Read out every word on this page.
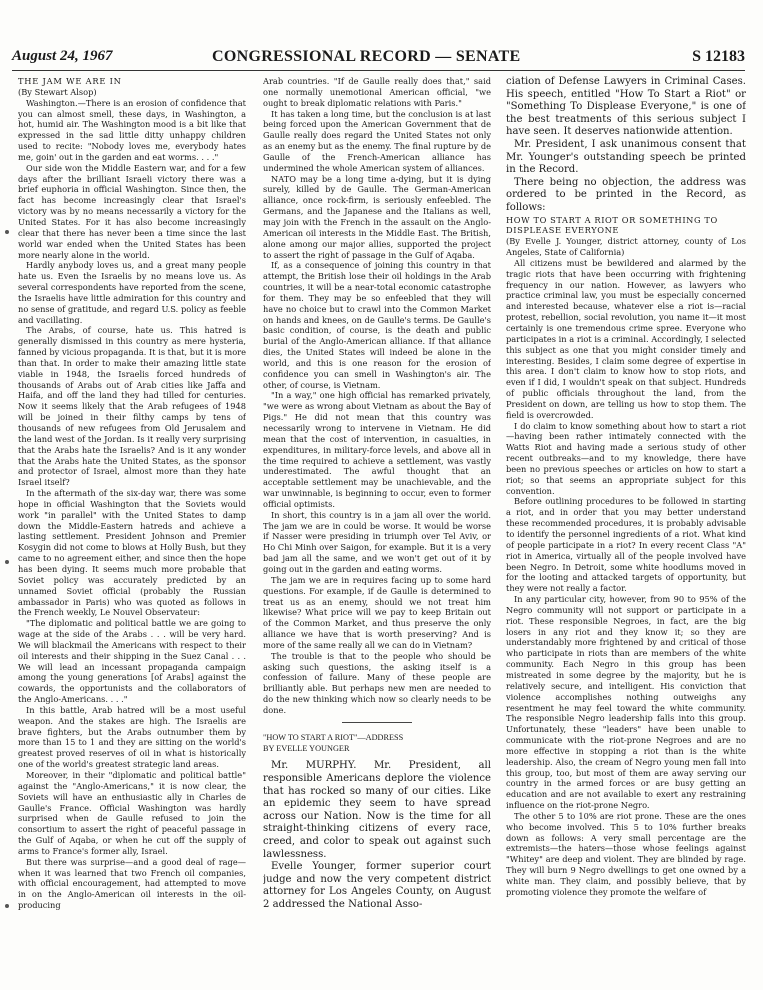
August 24, 1967	CONGRESSIONAL RECORD — SENATE	S 12183

THE JAM WE ARE IN

(By Stewart Alsop)

Washington.—There is an erosion of confidence that you can almost smell, these days, in Washington, a hot, humid air. The Washington mood is a bit like that expressed in the sad little ditty unhappy children used to recite: "Nobody loves me, everybody hates me, goin' out in the garden and eat worms. . . ."

Our side won the Middle Eastern war, and for a few days after the brilliant Israeli victory there was a brief euphoria in official Washington. Since then, the fact has become increasingly clear that Israel's victory was by no means necessarily a victory for the United States. For it has also become increasingly clear that there has never been a time since the last world war ended when the United States has been more nearly alone in the world.

Hardly anybody loves us, and a great many people hate us. Even the Israelis by no means love us. As several correspondents have reported from the scene, the Israelis have little admiration for this country and no sense of gratitude, and regard U.S. policy as feeble and vacillating.

The Arabs, of course, hate us. This hatred is generally dismissed in this country as mere hysteria, fanned by vicious propaganda. It is that, but it is more than that. In order to make their amazing little state viable in 1948, the Israelis forced hundreds of thousands of Arabs out of Arab cities like Jaffa and Haifa, and off the land they had tilled for centuries. Now it seems likely that the Arab refugees of 1948 will be joined in their filthy camps by tens of thousands of new refugees from Old Jerusalem and the land west of the Jordan. Is it really very surprising that the Arabs hate the Israelis? And is it any wonder that the Arabs hate the United States, as the sponsor and protector of Israel, almost more than they hate Israel itself?

In the aftermath of the six-day war, there was some hope in official Washington that the Soviets would work "in parallel" with the United States to damp down the Middle-Eastern hatreds and achieve a lasting settlement. President Johnson and Premier Kosygin did not come to blows at Holly Bush, but they came to no agreement either, and since then the hope has been dying. It seems much more probable that Soviet policy was accurately predicted by an unnamed Soviet official (probably the Russian ambassador in Paris) who was quoted as follows in the French weekly, Le Nouvel Observateur:

"The diplomatic and political battle we are going to wage at the side of the Arabs . . . will be very hard. We will blackmail the Americans with respect to their oil interests and their shipping in the Suez Canal . . . We will lead an incessant propaganda campaign among the young generations [of Arabs] against the cowards, the opportunists and the collaborators of the Anglo-Americans. . . ."

In this battle, Arab hatred will be a most useful weapon. And the stakes are high. The Israelis are brave fighters, but the Arabs outnumber them by more than 15 to 1 and they are sitting on the world's greatest proved reserves of oil in what is historically one of the world's greatest strategic land areas.

Moreover, in their "diplomatic and political battle" against the "Anglo-Americans," it is now clear, the Soviets will have an enthusiastic ally in Charles de Gaulle's France. Official Washington was hardly surprised when de Gaulle refused to join the consortium to assert the right of peaceful passage in the Gulf of Aqaba, or when he cut off the supply of arms to France's former ally, Israel.

But there was surprise—and a good deal of rage—when it was learned that two French oil companies, with official encouragement, had attempted to move in on the Anglo-American oil interests in the oil-producing

Arab countries. "If de Gaulle really does that," said one normally unemotional American official, "we ought to break diplomatic relations with Paris."

It has taken a long time, but the conclusion is at last being forced upon the American Government that de Gaulle really does regard the United States not only as an enemy but as the enemy. The final rupture by de Gaulle of the French-American alliance has undermined the whole American system of alliances.

NATO may be a long time a-dying, but it is dying surely, killed by de Gaulle. The German-American alliance, once rock-firm, is seriously enfeebled. The Germans, and the Japanese and the Italians as well, may join with the French in the assault on the Anglo-American oil interests in the Middle East. The British, alone among our major allies, supported the project to assert the right of passage in the Gulf of Aqaba.

If, as a consequence of joining this country in that attempt, the British lose their oil holdings in the Arab countries, it will be a near-total economic catastrophe for them. They may be so enfeebled that they will have no choice but to crawl into the Common Market on hands and knees, on de Gaulle's terms. De Gaulle's basic condition, of course, is the death and public burial of the Anglo-American alliance. If that alliance dies, the United States will indeed be alone in the world, and this is one reason for the erosion of confidence you can smell in Washington's air. The other, of course, is Vietnam.

"In a way," one high official has remarked privately, "we were as wrong about Vietnam as about the Bay of Pigs." He did not mean that this country was necessarily wrong to intervene in Vietnam. He did mean that the cost of intervention, in casualties, in expenditures, in military-force levels, and above all in the time required to achieve a settlement, was vastly underestimated. The awful thought that an acceptable settlement may be unachievable, and the war unwinnable, is beginning to occur, even to former official optimists.

In short, this country is in a jam all over the world. The jam we are in could be worse. It would be worse if Nasser were presiding in triumph over Tel Aviv, or Ho Chi Minh over Saigon, for example. But it is a very bad jam all the same, and we won't get out of it by going out in the garden and eating worms.

The jam we are in requires facing up to some hard questions. For example, if de Gaulle is determined to treat us as an enemy, should we not treat him likewise? What price will we pay to keep Britain out of the Common Market, and thus preserve the only alliance we have that is worth preserving? And is more of the same really all we can do in Vietnam?

The trouble is that to the people who should be asking such questions, the asking itself is a confession of failure. Many of these people are brilliantly able. But perhaps new men are needed to do the new thinking which now so clearly needs to be done.

"HOW TO START A RIOT"—ADDRESS

BY EVELLE YOUNGER

Mr. MURPHY. Mr. President, all responsible Americans deplore the violence that has rocked so many of our cities. Like an epidemic they seem to have spread across our Nation. Now is the time for all straight-thinking citizens of every race, creed, and color to speak out against such lawlessness.

Evelle Younger, former superior court judge and now the very competent district attorney for Los Angeles County, on August 2 addressed the National Asso-

ciation of Defense Lawyers in Criminal Cases. His speech, entitled "How To Start a Riot" or "Something To Displease Everyone," is one of the best treatments of this serious subject I have seen. It deserves nationwide attention.

Mr. President, I ask unanimous consent that Mr. Younger's outstanding speech be printed in the Record.

There being no objection, the address was ordered to be printed in the Record, as follows:

HOW TO START A RIOT OR SOMETHING TO

DISPLEASE EVERYONE

(By Evelle J. Younger, district attorney, county of Los Angeles, State of California)

All citizens must be bewildered and alarmed by the tragic riots that have been occurring with frightening frequency in our nation. However, as lawyers who practice criminal law, you must be especially concerned and interested because, whatever else a riot is—racial protest, rebellion, social revolution, you name it—it most certainly is one tremendous crime spree. Everyone who participates in a riot is a criminal. Accordingly, I selected this subject as one that you might consider timely and interesting. Besides, I claim some degree of expertise in this area. I don't claim to know how to stop riots, and even if I did, I wouldn't speak on that subject. Hundreds of public officials throughout the land, from the President on down, are telling us how to stop them. The field is overcrowded.

I do claim to know something about how to start a riot—having been rather intimately connected with the Watts Riot and having made a serious study of other recent outbreaks—and to my knowledge, there have been no previous speeches or articles on how to start a riot; so that seems an appropriate subject for this convention.

Before outlining procedures to be followed in starting a riot, and in order that you may better understand these recommended procedures, it is probably advisable to identify the personnel ingredients of a riot. What kind of people participate in a riot? In every recent Class "A" riot in America, virtually all of the people involved have been Negro. In Detroit, some white hoodlums moved in for the looting and attacked targets of opportunity, but they were not really a factor.

In any particular city, however, from 90 to 95% of the Negro community will not support or participate in a riot. These responsible Negroes, in fact, are the big losers in any riot and they know it; so they are understandably more frightened by and critical of those who participate in riots than are members of the white community. Each Negro in this group has been mistreated in some degree by the majority, but he is relatively secure, and intelligent. His conviction that violence accomplishes nothing outweighs any resentment he may feel toward the white community. The responsible Negro leadership falls into this group. Unfortunately, these "leaders" have been unable to communicate with the riot-prone Negroes and are no more effective in stopping a riot than is the white leadership. Also, the cream of Negro young men fall into this group, too, but most of them are away serving our country in the armed forces or are busy getting an education and are not available to exert any restraining influence on the riot-prone Negro.

The other 5 to 10% are riot prone. These are the ones who become involved. This 5 to 10% further breaks down as follows: A very small percentage are the extremists—the haters—those whose feelings against "Whitey" are deep and violent. They are blinded by rage. They will burn 9 Negro dwellings to get one owned by a white man. They claim, and possibly believe, that by promoting violence they promote the welfare of
